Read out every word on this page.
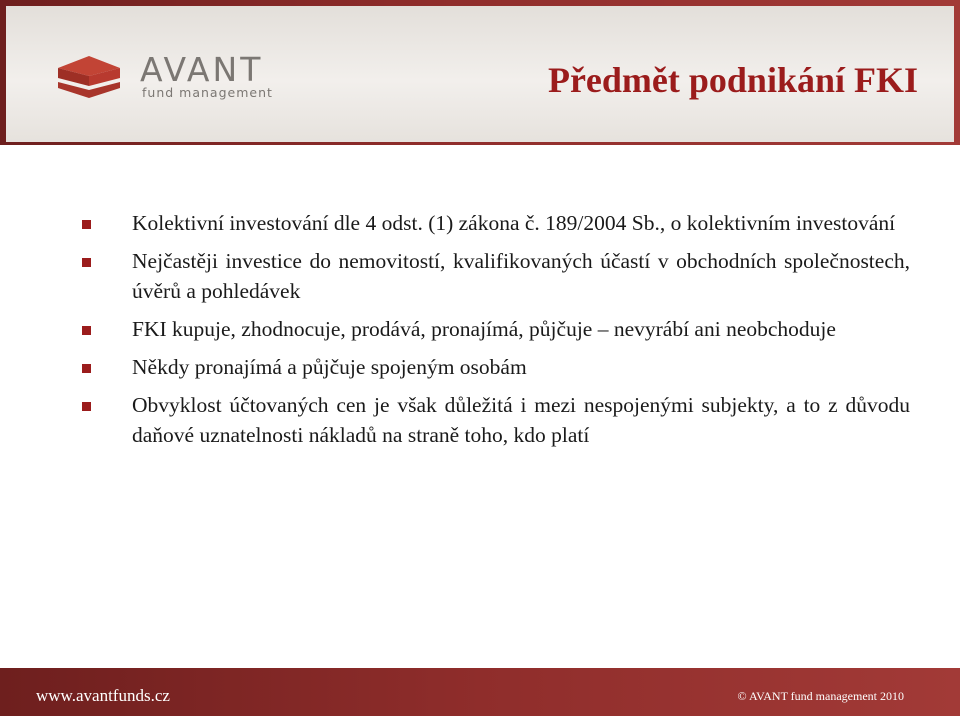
AVANT
fund management	Předmět podnikání FKI
Kolektivní investování dle 4 odst. (1) zákona č. 189/2004 Sb., o kolektivním investování
Nejčastěji investice do nemovitostí, kvalifikovaných účastí v obchodních společnostech, úvěrů a pohledávek
FKI kupuje, zhodnocuje, prodává, pronajímá, půjčuje – nevyrábí ani neobchoduje
Někdy pronajímá a půjčuje spojeným osobám
Obvyklost účtovaných cen je však důležitá i mezi nespojenými subjekty, a to z důvodu daňové uznatelnosti nákladů na straně toho, kdo platí
www.avantfunds.cz	© AVANT fund management 2010
